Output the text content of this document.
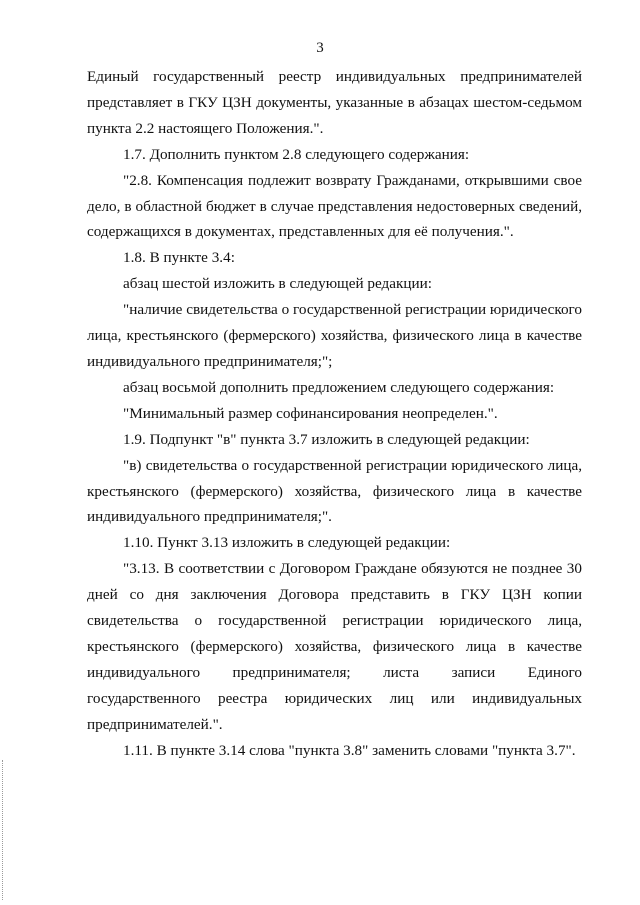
3

Единый государственный реестр индивидуальных предпринимателей представляет в ГКУ ЦЗН документы, указанные в абзацах шестом-седьмом пункта 2.2 настоящего Положения.".

1.7. Дополнить пунктом 2.8 следующего содержания:

"2.8. Компенсация подлежит возврату Гражданами, открывшими свое дело, в областной бюджет в случае представления недостоверных сведений, содержащихся в документах, представленных для её получения.".

1.8. В пункте 3.4:

абзац шестой изложить в следующей редакции:

"наличие свидетельства о государственной регистрации юридического лица, крестьянского (фермерского) хозяйства, физического лица в качестве индивидуального предпринимателя;";

абзац восьмой дополнить предложением следующего содержания:

"Минимальный размер софинансирования неопределен.".

1.9. Подпункт "в" пункта 3.7 изложить в следующей редакции:

"в) свидетельства о государственной регистрации юридического лица, крестьянского (фермерского) хозяйства, физического лица в качестве индивидуального предпринимателя;".

1.10. Пункт 3.13 изложить в следующей редакции:

"3.13. В соответствии с Договором Граждане обязуются не позднее 30 дней со дня заключения Договора представить в ГКУ ЦЗН копии свидетельства о государственной регистрации юридического лица, крестьянского (фермерского) хозяйства, физического лица в качестве индивидуального предпринимателя; листа записи Единого государственного реестра юридических лиц или индивидуальных предпринимателей.".

1.11. В пункте 3.14 слова "пункта 3.8" заменить словами "пункта 3.7".
